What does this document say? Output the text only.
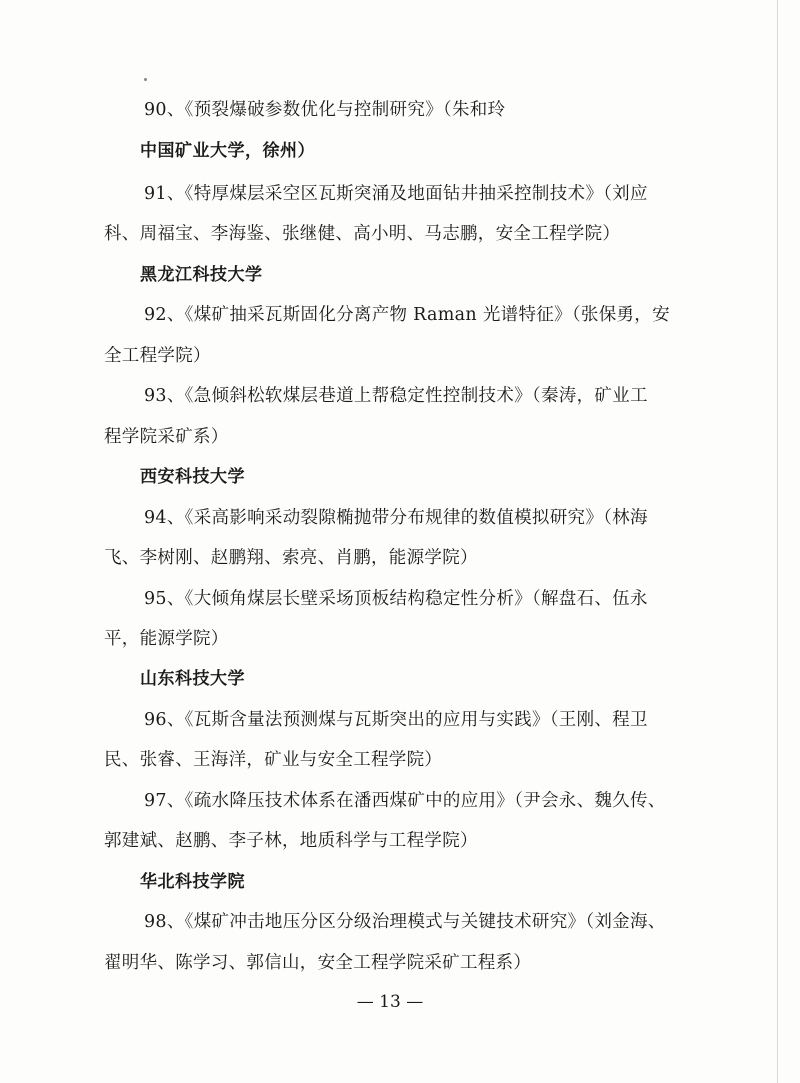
90、《预裂爆破参数优化与控制研究》（朱和玲
中国矿业大学，徐州）
91、《特厚煤层采空区瓦斯突涌及地面钻井抽采控制技术》（刘应
科、周福宝、李海鉴、张继健、高小明、马志鹏，安全工程学院）
黑龙江科技大学
92、《煤矿抽采瓦斯固化分离产物 Raman 光谱特征》（张保勇，安
全工程学院）
93、《急倾斜松软煤层巷道上帮稳定性控制技术》（秦涛，矿业工
程学院采矿系）
西安科技大学
94、《采高影响采动裂隙椭抛带分布规律的数值模拟研究》（林海
飞、李树刚、赵鹏翔、索亮、肖鹏，能源学院）
95、《大倾角煤层长壁采场顶板结构稳定性分析》（解盘石、伍永
平，能源学院）
山东科技大学
96、《瓦斯含量法预测煤与瓦斯突出的应用与实践》（王刚、程卫
民、张睿、王海洋，矿业与安全工程学院）
97、《疏水降压技术体系在潘西煤矿中的应用》（尹会永、魏久传、
郭建斌、赵鹏、李子林，地质科学与工程学院）
华北科技学院
98、《煤矿冲击地压分区分级治理模式与关键技术研究》（刘金海、
翟明华、陈学习、郭信山，安全工程学院采矿工程系）
— 13 —
